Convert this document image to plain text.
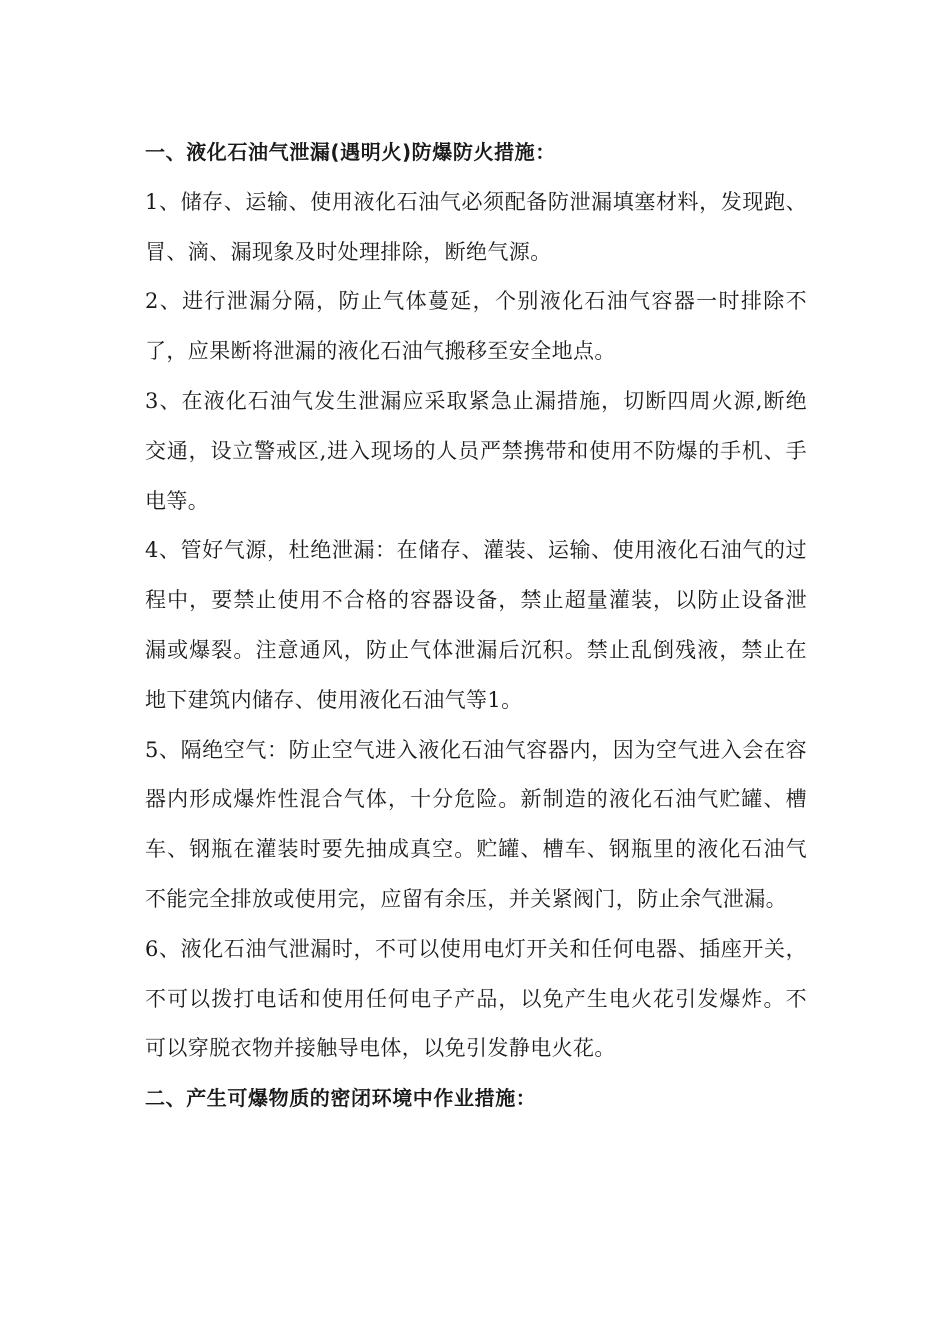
一、液化石油气泄漏(遇明火)防爆防火措施：

1、储存、运输、使用液化石油气必须配备防泄漏填塞材料，发现跑、冒、滴、漏现象及时处理排除，断绝气源。

2、进行泄漏分隔，防止气体蔓延，个别液化石油气容器一时排除不了，应果断将泄漏的液化石油气搬移至安全地点。

3、在液化石油气发生泄漏应采取紧急止漏措施，切断四周火源,断绝交通，设立警戒区,进入现场的人员严禁携带和使用不防爆的手机、手电等。

4、管好气源，杜绝泄漏：在储存、灌装、运输、使用液化石油气的过程中，要禁止使用不合格的容器设备，禁止超量灌装，以防止设备泄漏或爆裂。注意通风，防止气体泄漏后沉积。禁止乱倒残液，禁止在地下建筑内储存、使用液化石油气等1。

5、隔绝空气：防止空气进入液化石油气容器内，因为空气进入会在容器内形成爆炸性混合气体，十分危险。新制造的液化石油气贮罐、槽车、钢瓶在灌装时要先抽成真空。贮罐、槽车、钢瓶里的液化石油气不能完全排放或使用完，应留有余压，并关紧阀门，防止余气泄漏。

6、液化石油气泄漏时，不可以使用电灯开关和任何电器、插座开关，不可以拨打电话和使用任何电子产品，以免产生电火花引发爆炸。不可以穿脱衣物并接触导电体，以免引发静电火花。

二、产生可爆物质的密闭环境中作业措施：
